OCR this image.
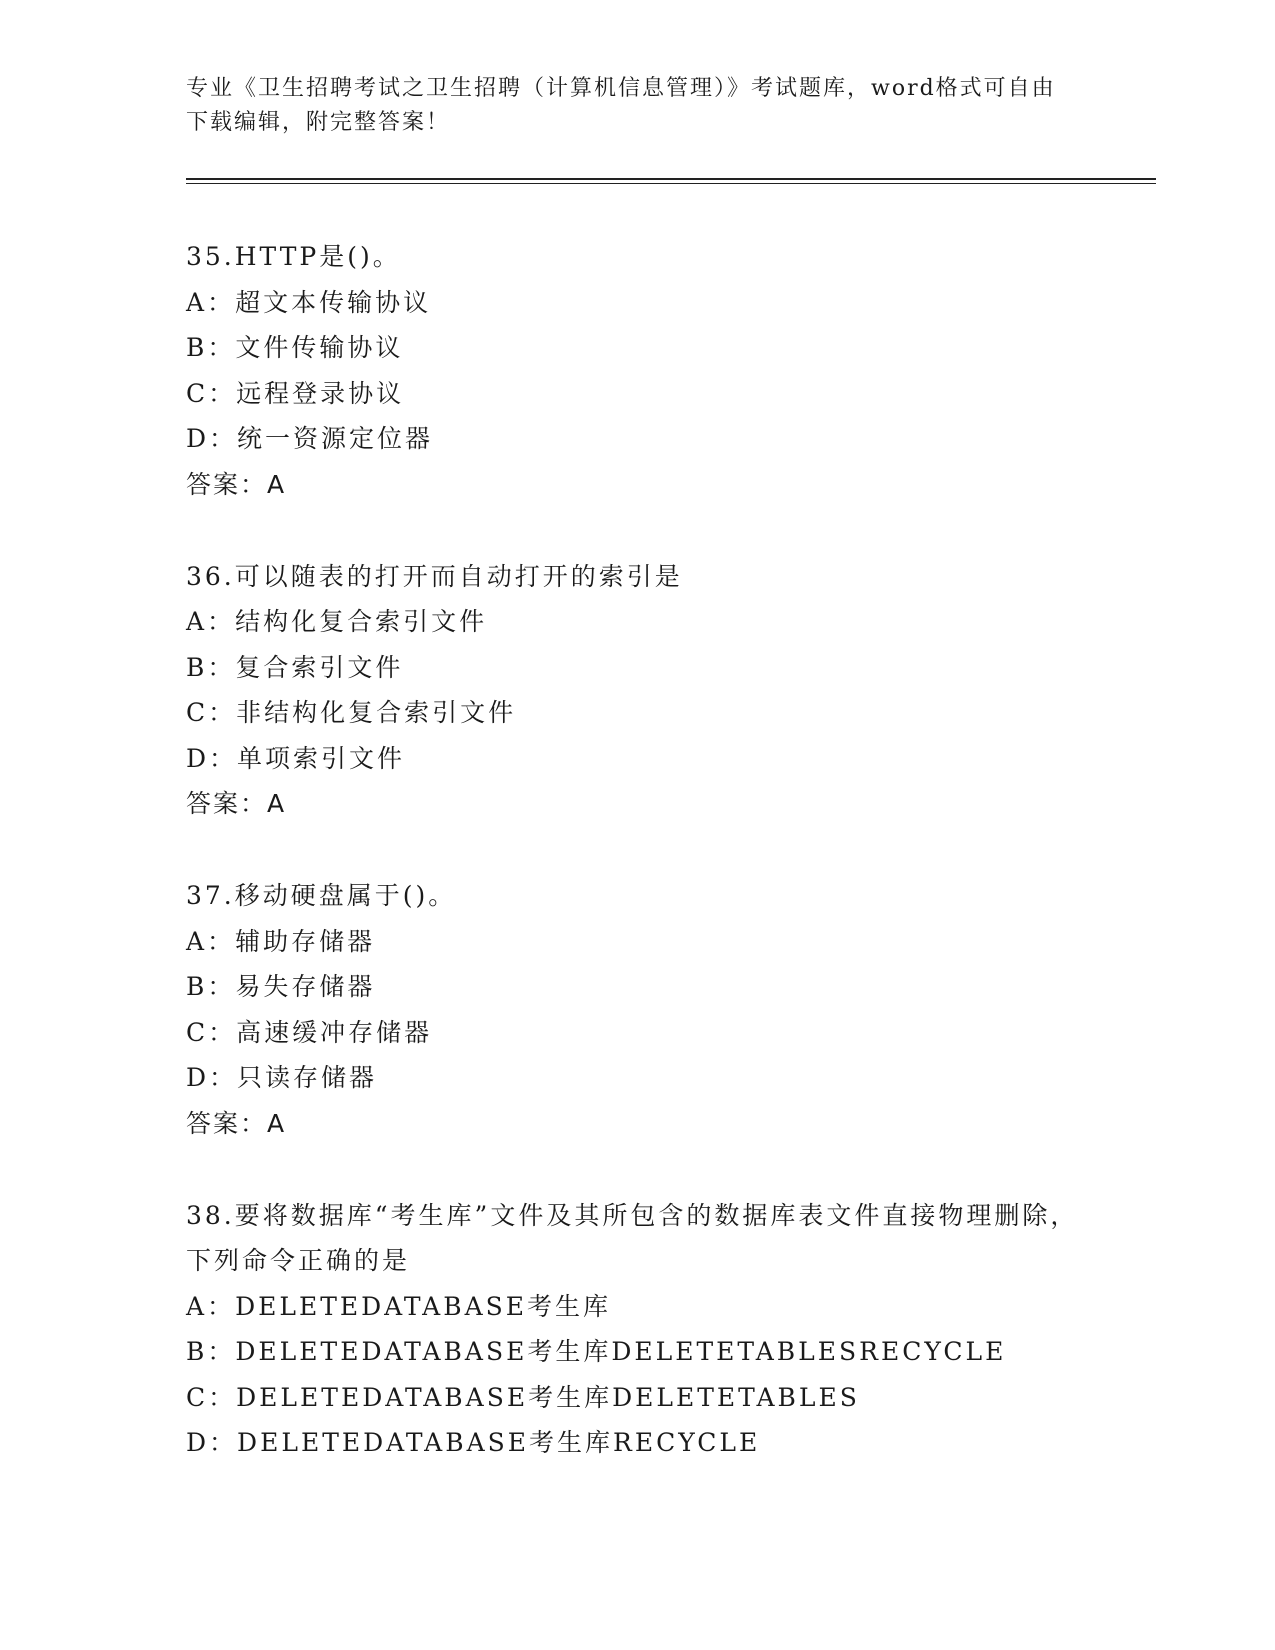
专业《卫生招聘考试之卫生招聘（计算机信息管理）》考试题库，word格式可自由下载编辑，附完整答案！
35.HTTP是()。
A：超文本传输协议
B：文件传输协议
C：远程登录协议
D：统一资源定位器
答案：A
36.可以随表的打开而自动打开的索引是
A：结构化复合索引文件
B：复合索引文件
C：非结构化复合索引文件
D：单项索引文件
答案：A
37.移动硬盘属于()。
A：辅助存储器
B：易失存储器
C：高速缓冲存储器
D：只读存储器
答案：A
38.要将数据库“考生库”文件及其所包含的数据库表文件直接物理删除，下列命令正确的是
A：DELETEDATABASE考生库
B：DELETEDATABASE考生库DELETETABLESRECYCLE
C：DELETEDATABASE考生库DELETETABLES
D：DELETEDATABASE考生库RECYCLE
